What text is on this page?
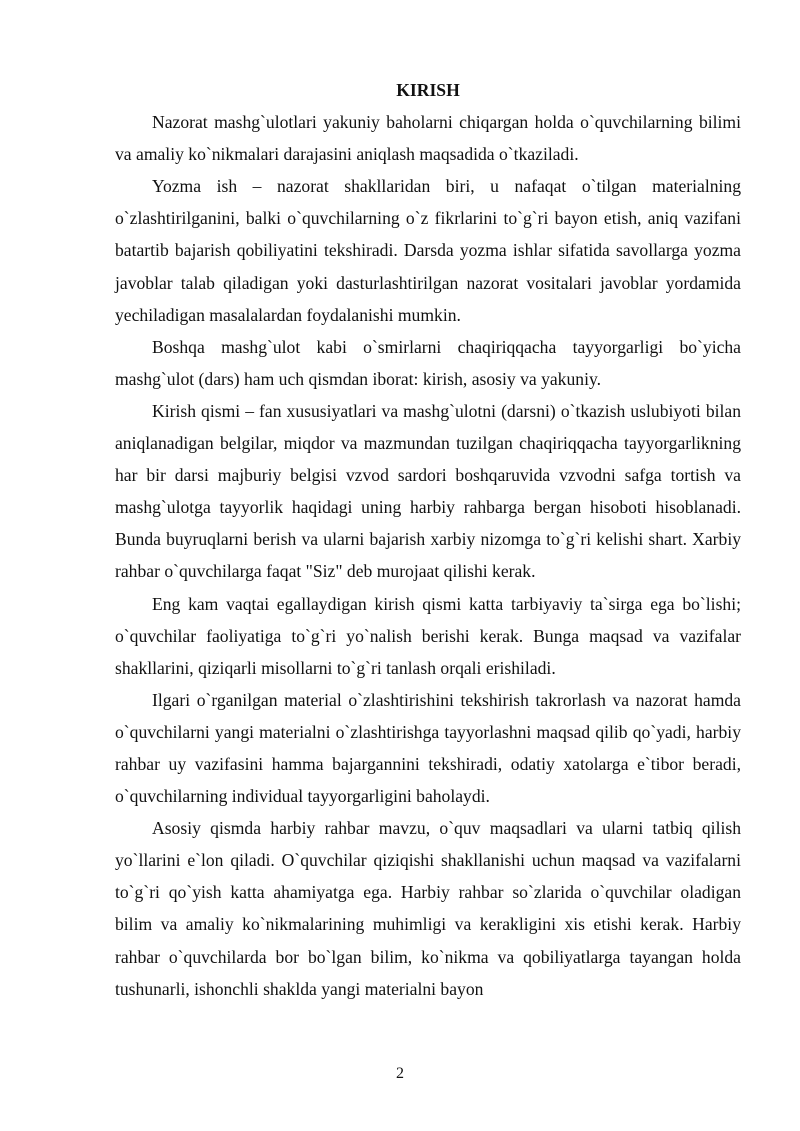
KIRISH

Nazorat mashg`ulotlari yakuniy baholarni chiqargan holda o`quvchilarning bilimi va amaliy ko`nikmalari darajasini aniqlash maqsadida o`tkaziladi.

Yozma ish – nazorat shakllaridan biri, u nafaqat o`tilgan materialning o`zlashtirilganini, balki o`quvchilarning o`z fikrlarini to`g`ri bayon etish, aniq vazifani batartib bajarish qobiliyatini tekshiradi. Darsda yozma ishlar sifatida savollarga yozma javoblar talab qiladigan yoki dasturlashtirilgan nazorat vositalari javoblar yordamida yechiladigan masalalardan foydalanishi mumkin.

Boshqa mashg`ulot kabi o`smirlarni chaqiriqqacha tayyorgarligi bo`yicha mashg`ulot (dars) ham uch qismdan iborat: kirish, asosiy va yakuniy.

Kirish qismi – fan xususiyatlari va mashg`ulotni (darsni) o`tkazish uslubiyoti bilan aniqlanadigan belgilar, miqdor va mazmundan tuzilgan chaqiriqqacha tayyorgarlikning har bir darsi majburiy belgisi vzvod sardori boshqaruvida vzvodni safga tortish va mashg`ulotga tayyorlik haqidagi uning harbiy rahbarga bergan hisoboti hisoblanadi. Bunda buyruqlarni berish va ularni bajarish xarbiy nizomga to`g`ri kelishi shart. Xarbiy rahbar o`quvchilarga faqat "Siz" deb murojaat qilishi kerak.

Eng kam vaqtai egallaydigan kirish qismi katta tarbiyaviy ta`sirga ega bo`lishi; o`quvchilar faoliyatiga to`g`ri yo`nalish berishi kerak. Bunga maqsad va vazifalar shakllarini, qiziqarli misollarni to`g`ri tanlash orqali erishiladi.

Ilgari o`rganilgan material o`zlashtirishini tekshirish takrorlash va nazorat hamda o`quvchilarni yangi materialni o`zlashtirishga tayyorlashni maqsad qilib qo`yadi, harbiy rahbar uy vazifasini hamma bajargannini tekshiradi, odatiy xatolarga e`tibor beradi, o`quvchilarning individual tayyorgarligini baholaydi.

Asosiy qismda harbiy rahbar mavzu, o`quv maqsadlari va ularni tatbiq qilish yo`llarini e`lon qiladi. O`quvchilar qiziqishi shakllanishi uchun maqsad va vazifalarni to`g`ri qo`yish katta ahamiyatga ega. Harbiy rahbar so`zlarida o`quvchilar oladigan bilim va amaliy ko`nikmalarining muhimligi va kerakligini xis etishi kerak. Harbiy rahbar o`quvchilarda bor bo`lgan bilim, ko`nikma va qobiliyatlarga tayangan holda tushunarli, ishonchli shaklda yangi materialni bayon

2
